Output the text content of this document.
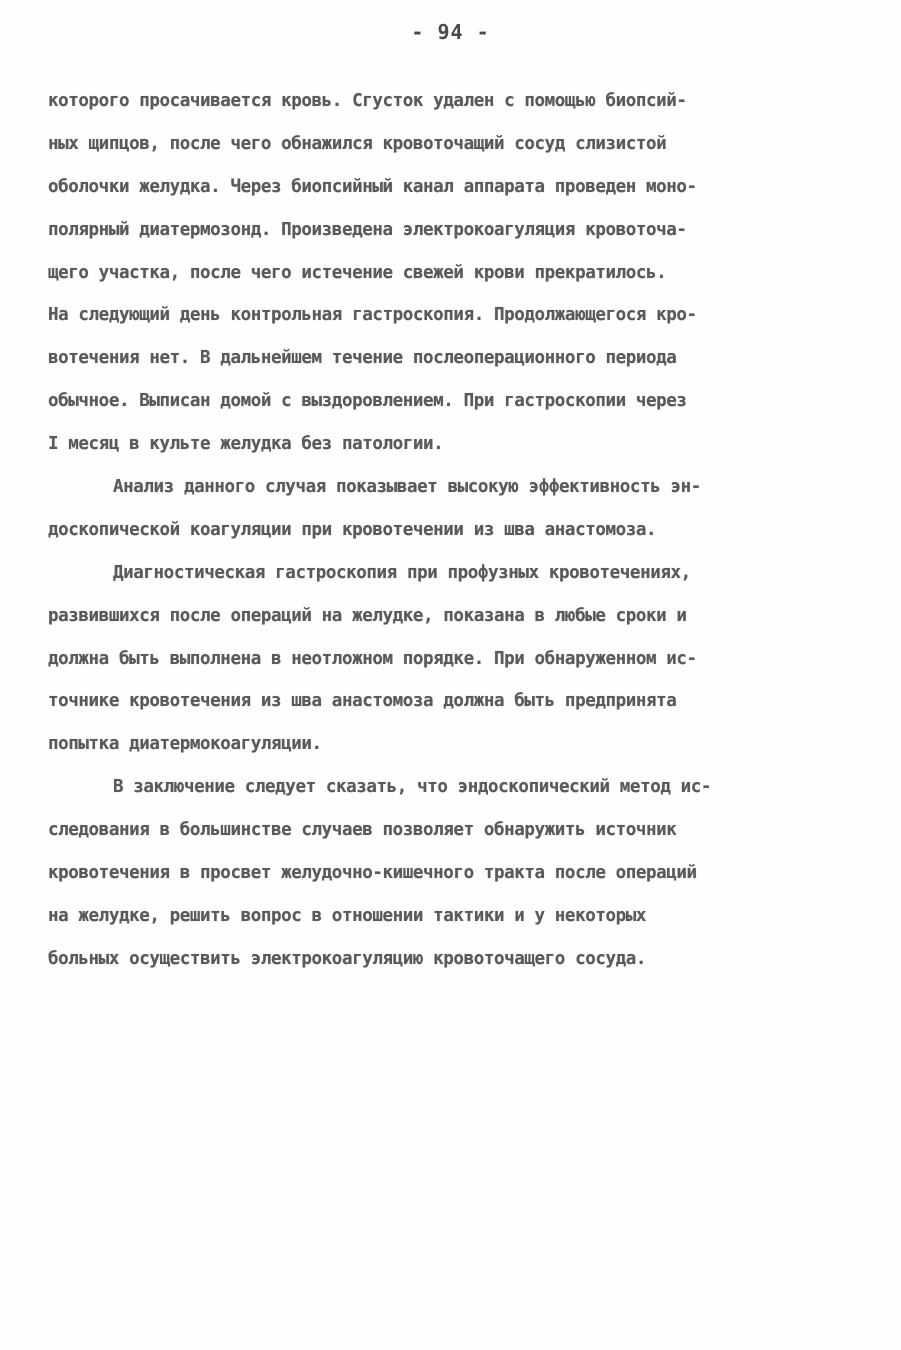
- 94 -
которого просачивается кровь. Сгусток удален с помощью биопсий-
ных щипцов, после чего обнажился кровоточащий сосуд слизистой
оболочки желудка. Через биопсийный канал аппарата проведен моно-
полярный диатермозонд. Произведена электрокоагуляция кровоточа-
щего участка, после чего истечение свежей крови прекратилось.
На следующий день контрольная гастроскопия. Продолжающегося кро-
вотечения нет. В дальнейшем течение послеоперационного периода
обычное. Выписан домой с выздоровлением. При гастроскопии через
I месяц в культе желудка без патологии.
Анализ данного случая показывает высокую эффективность эн-
доскопической коагуляции при кровотечении из шва анастомоза.
Диагностическая гастроскопия при профузных кровотечениях,
развившихся после операций на желудке, показана в любые сроки и
должна быть выполнена в неотложном порядке. При обнаруженном ис-
точнике кровотечения из шва анастомоза должна быть предпринята
попытка диатермокоагуляции.
В заключение следует сказать, что эндоскопический метод ис-
следования в большинстве случаев позволяет обнаружить источник
кровотечения в просвет желудочно-кишечного тракта после операций
на желудке, решить вопрос в отношении тактики и у некоторых
больных осуществить электрокоагуляцию кровоточащего сосуда.
